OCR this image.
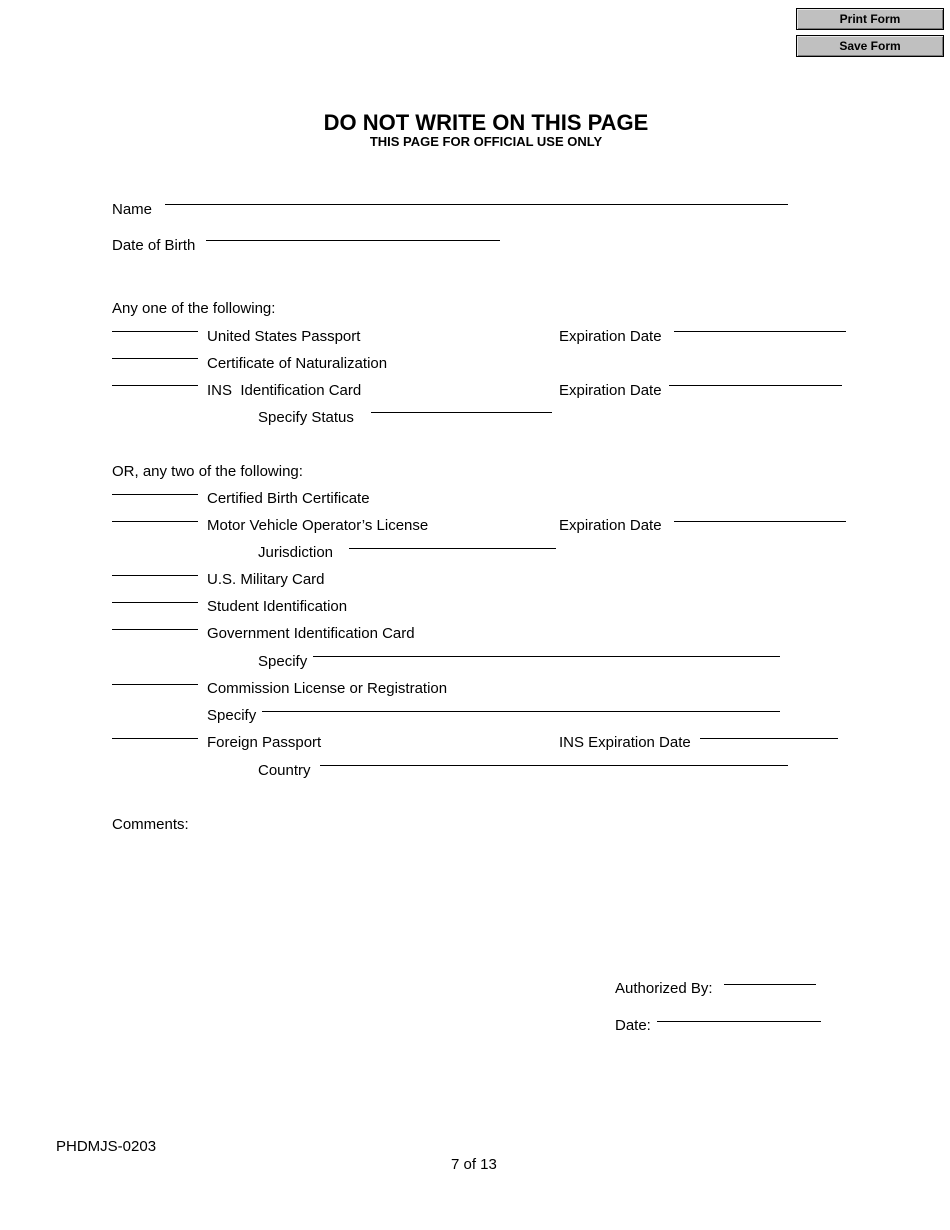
Print Form
Save Form
DO NOT WRITE ON THIS PAGE
THIS PAGE FOR OFFICIAL USE ONLY
Name
Date of Birth
Any one of the following:
United States Passport	Expiration Date
Certificate of Naturalization
INS  Identification Card	Expiration Date
Specify Status
OR, any two of the following:
Certified Birth Certificate
Motor Vehicle Operator’s License	Expiration Date
Jurisdiction
U.S. Military Card
Student Identification
Government Identification Card
Specify
Commission License or Registration
Specify
Foreign Passport	INS Expiration Date
Country
Comments:
Authorized By:
Date:
PHDMJS-0203
7 of 13
